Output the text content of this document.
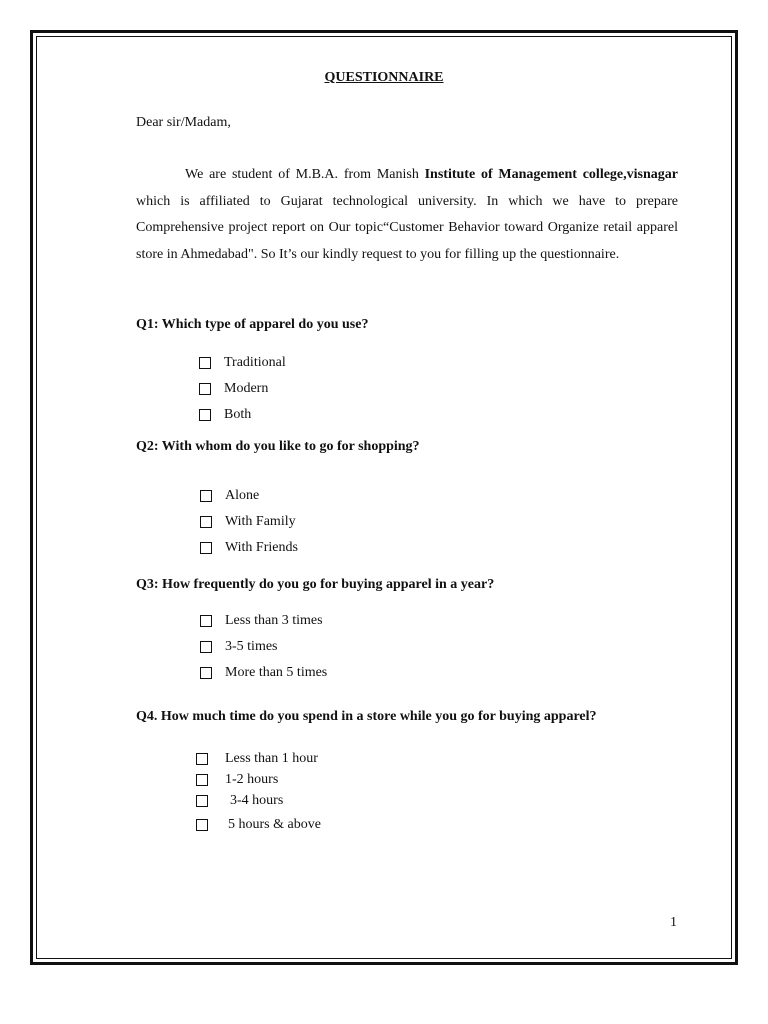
QUESTIONNAIRE
Dear sir/Madam,

We are student of M.B.A. from Manish Institute of Management college,visnagar which is affiliated to Gujarat technological university. In which we have to prepare Comprehensive project report on Our topic“Customer Behavior toward Organize retail apparel store in Ahmedabad". So It’s our kindly request to you for filling up the questionnaire.

Q1: Which type of apparel do you use?
Traditional
Modern
Both
Q2: With whom do you like to go for shopping?
Alone
With Family
With Friends
Q3: How frequently do you go for buying apparel in a year?
Less than 3 times
3-5 times
More than 5 times
Q4. How much time do you spend in a store while you go for buying apparel?
Less than 1 hour
1-2 hours
3-4 hours
5 hours & above
1
